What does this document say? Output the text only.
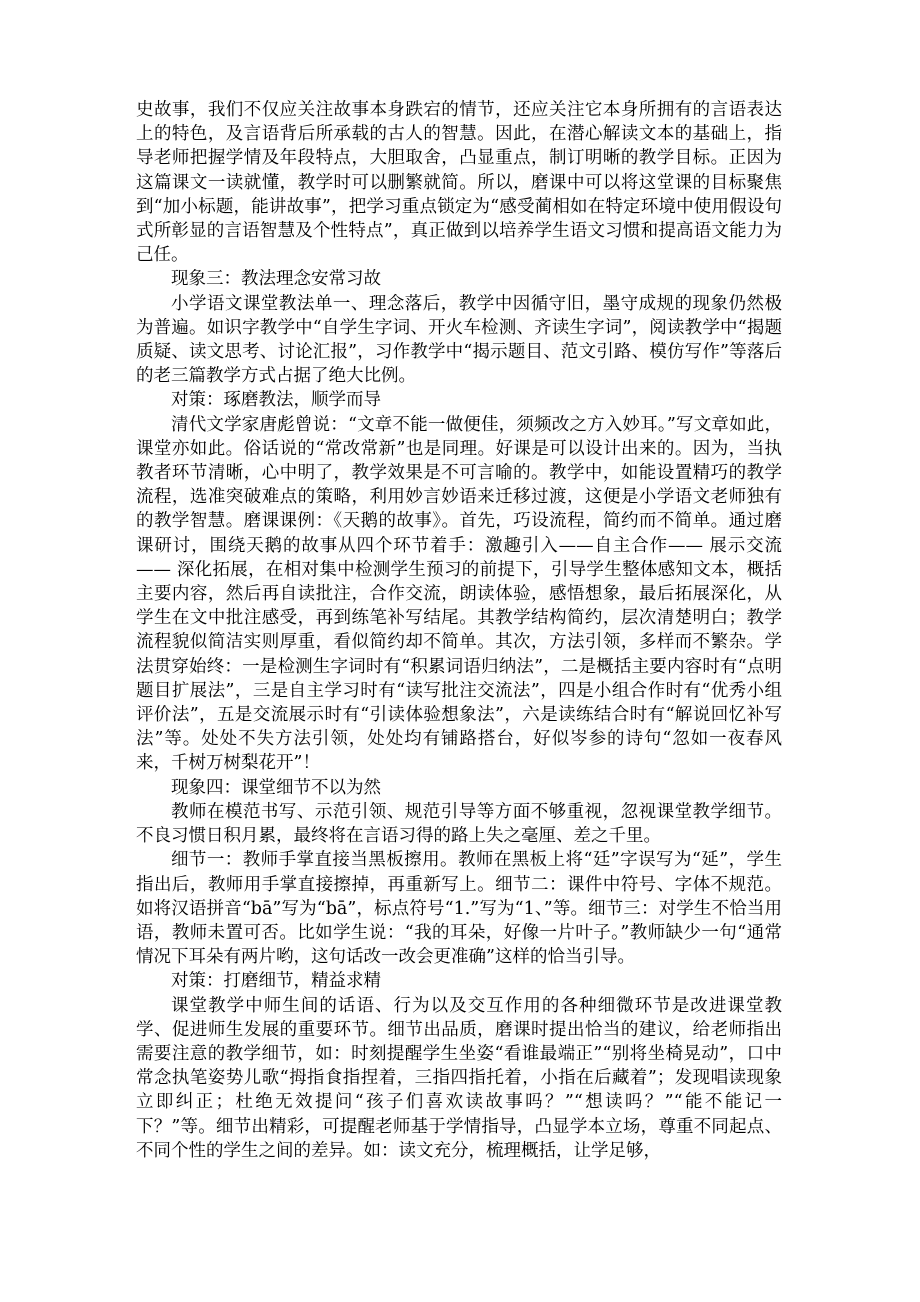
史故事，我们不仅应关注故事本身跌宕的情节，还应关注它本身所拥有的言语表达上的特色，及言语背后所承载的古人的智慧。因此，在潜心解读文本的基础上，指导老师把握学情及年段特点，大胆取舍，凸显重点，制订明晰的教学目标。正因为这篇课文一读就懂，教学时可以删繁就简。所以，磨课中可以将这堂课的目标聚焦到“加小标题，能讲故事”，把学习重点锁定为“感受蔺相如在特定环境中使用假设句式所彰显的言语智慧及个性特点”，真正做到以培养学生语文习惯和提高语文能力为己任。

现象三：教法理念安常习故

小学语文课堂教法单一、理念落后，教学中因循守旧，墨守成规的现象仍然极为普遍。如识字教学中“自学生字词、开火车检测、齐读生字词”，阅读教学中“揭题质疑、读文思考、讨论汇报”，习作教学中“揭示题目、范文引路、模仿写作”等落后的老三篇教学方式占据了绝大比例。

对策：琢磨教法，顺学而导

清代文学家唐彪曾说：“文章不能一做便佳，须频改之方入妙耳。”写文章如此，课堂亦如此。俗话说的“常改常新”也是同理。好课是可以设计出来的。因为，当执教者环节清晰，心中明了，教学效果是不可言喻的。教学中，如能设置精巧的教学流程，选准突破难点的策略，利用妙言妙语来迁移过渡，这便是小学语文老师独有的教学智慧。磨课课例：《天鹅的故事》。首先，巧设流程，简约而不简单。通过磨课研讨，围绕天鹅的故事从四个环节着手：激趣引入——自主合作—— 展示交流—— 深化拓展，在相对集中检测学生预习的前提下，引导学生整体感知文本，概括主要内容，然后再自读批注，合作交流，朗读体验，感悟想象，最后拓展深化，从学生在文中批注感受，再到练笔补写结尾。其教学结构简约，层次清楚明白；教学流程貌似简洁实则厚重，看似简约却不简单。其次，方法引领，多样而不繁杂。学法贯穿始终：一是检测生字词时有“积累词语归纳法”，二是概括主要内容时有“点明题目扩展法”，三是自主学习时有“读写批注交流法”，四是小组合作时有“优秀小组评价法”，五是交流展示时有“引读体验想象法”，六是读练结合时有“解说回忆补写法”等。处处不失方法引领，处处均有铺路搭台，好似岑参的诗句“忽如一夜春风来，千树万树梨花开”！

现象四：课堂细节不以为然

教师在模范书写、示范引领、规范引导等方面不够重视，忽视课堂教学细节。不良习惯日积月累，最终将在言语习得的路上失之毫厘、差之千里。

细节一：教师手掌直接当黑板擦用。教师在黑板上将“廷”字误写为“延”，学生指出后，教师用手掌直接擦掉，再重新写上。细节二：课件中符号、字体不规范。如将汉语拼音“bā”写为“bā”，标点符号“1.”写为“1、”等。细节三：对学生不恰当用语，教师未置可否。比如学生说：“我的耳朵，好像一片叶子。”教师缺少一句“通常情况下耳朵有两片哟，这句话改一改会更准确”这样的恰当引导。

对策：打磨细节，精益求精

课堂教学中师生间的话语、行为以及交互作用的各种细微环节是改进课堂教学、促进师生发展的重要环节。细节出品质，磨课时提出恰当的建议，给老师指出需要注意的教学细节，如：时刻提醒学生坐姿“看谁最端正”“别将坐椅晃动”，口中常念执笔姿势儿歌“拇指食指捏着，三指四指托着，小指在后藏着”；发现唱读现象立即纠正；杜绝无效提问“孩子们喜欢读故事吗？”“想读吗？”“能不能记一下？”等。细节出精彩，可提醒老师基于学情指导，凸显学本立场，尊重不同起点、不同个性的学生之间的差异。如：读文充分，梳理概括，让学足够，
